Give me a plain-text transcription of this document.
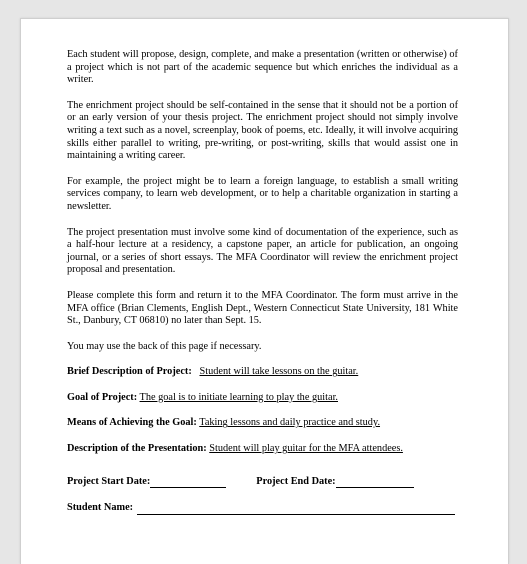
Each student will propose, design, complete, and make a presentation (written or otherwise) of a project which is not part of the academic sequence but which enriches the individual as a writer.

The enrichment project should be self-contained in the sense that it should not be a portion of or an early version of your thesis project. The enrichment project should not simply involve writing a text such as a novel, screenplay, book of poems, etc. Ideally, it will involve acquiring skills either parallel to writing, pre-writing, or post-writing, skills that would assist one in maintaining a writing career.

For example, the project might be to learn a foreign language, to establish a small writing services company, to learn web development, or to help a charitable organization in starting a newsletter.

The project presentation must involve some kind of documentation of the experience, such as a half-hour lecture at a residency, a capstone paper, an article for publication, an ongoing journal, or a series of short essays. The MFA Coordinator will review the enrichment project proposal and presentation.

Please complete this form and return it to the MFA Coordinator. The form must arrive in the MFA office (Brian Clements, English Dept., Western Connecticut State University, 181 White St., Danbury, CT 06810) no later than Sept. 15.

You may use the back of this page if necessary.

Brief Description of Project: Student will take lessons on the guitar.
Goal of Project: The goal is to initiate learning to play the guitar.
Means of Achieving the Goal: Taking lessons and daily practice and study.
Description of the Presentation: Student will play guitar for the MFA attendees.
Project Start Date:	Project End Date:
Student Name:
